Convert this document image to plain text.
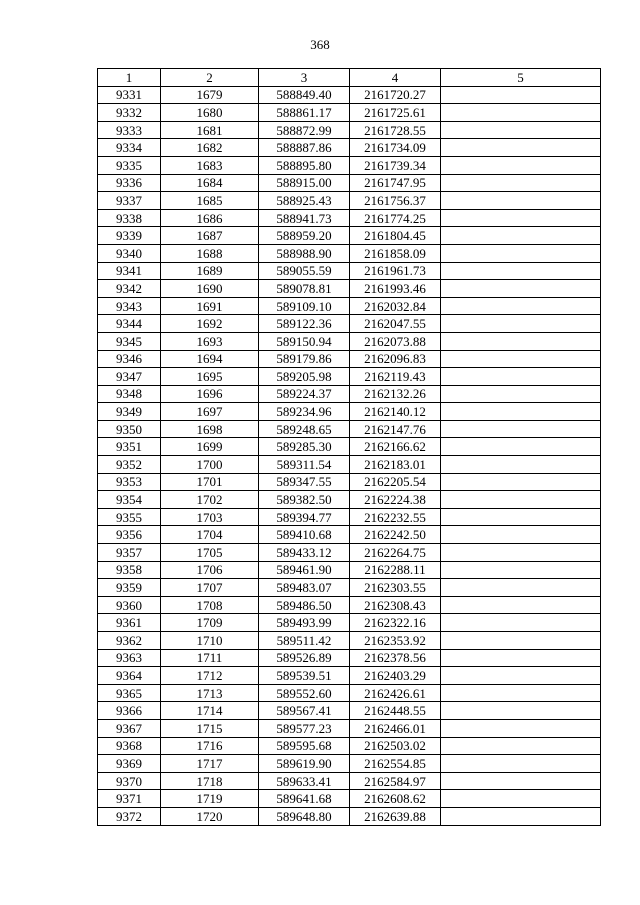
368
1	2	3	4	5
9331	1679	588849.40	2161720.27	
9332	1680	588861.17	2161725.61	
9333	1681	588872.99	2161728.55	
9334	1682	588887.86	2161734.09	
9335	1683	588895.80	2161739.34	
9336	1684	588915.00	2161747.95	
9337	1685	588925.43	2161756.37	
9338	1686	588941.73	2161774.25	
9339	1687	588959.20	2161804.45	
9340	1688	588988.90	2161858.09	
9341	1689	589055.59	2161961.73	
9342	1690	589078.81	2161993.46	
9343	1691	589109.10	2162032.84	
9344	1692	589122.36	2162047.55	
9345	1693	589150.94	2162073.88	
9346	1694	589179.86	2162096.83	
9347	1695	589205.98	2162119.43	
9348	1696	589224.37	2162132.26	
9349	1697	589234.96	2162140.12	
9350	1698	589248.65	2162147.76	
9351	1699	589285.30	2162166.62	
9352	1700	589311.54	2162183.01	
9353	1701	589347.55	2162205.54	
9354	1702	589382.50	2162224.38	
9355	1703	589394.77	2162232.55	
9356	1704	589410.68	2162242.50	
9357	1705	589433.12	2162264.75	
9358	1706	589461.90	2162288.11	
9359	1707	589483.07	2162303.55	
9360	1708	589486.50	2162308.43	
9361	1709	589493.99	2162322.16	
9362	1710	589511.42	2162353.92	
9363	1711	589526.89	2162378.56	
9364	1712	589539.51	2162403.29	
9365	1713	589552.60	2162426.61	
9366	1714	589567.41	2162448.55	
9367	1715	589577.23	2162466.01	
9368	1716	589595.68	2162503.02	
9369	1717	589619.90	2162554.85	
9370	1718	589633.41	2162584.97	
9371	1719	589641.68	2162608.62	
9372	1720	589648.80	2162639.88	
